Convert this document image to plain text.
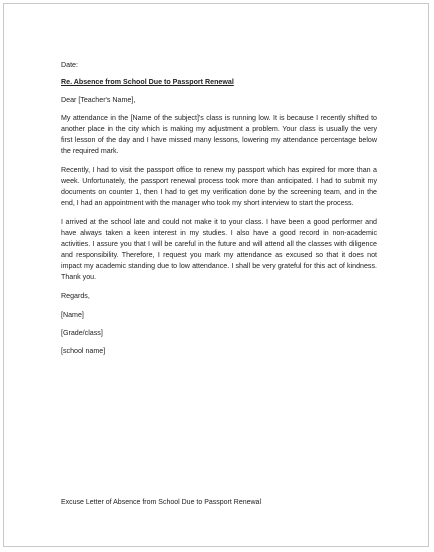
Date:

Re. Absence from School Due to Passport Renewal

Dear [Teacher's Name],

My attendance in the [Name of the subject]'s class is running low. It is because I recently shifted to another place in the city which is making my adjustment a problem. Your class is usually the very first lesson of the day and I have missed many lessons, lowering my attendance percentage below the required mark.

Recently, I had to visit the passport office to renew my passport which has expired for more than a week. Unfortunately, the passport renewal process took more than anticipated. I had to submit my documents on counter 1, then I had to get my verification done by the screening team, and in the end, I had an appointment with the manager who took my short interview to start the process.

I arrived at the school late and could not make it to your class. I have been a good performer and have always taken a keen interest in my studies. I also have a good record in non-academic activities. I assure you that I will be careful in the future and will attend all the classes with diligence and responsibility. Therefore, I request you mark my attendance as excused so that it does not impact my academic standing due to low attendance. I shall be very grateful for this act of kindness. Thank you.

Regards,

[Name]

[Grade/class]

[school name]

Excuse Letter of Absence from School Due to Passport Renewal
